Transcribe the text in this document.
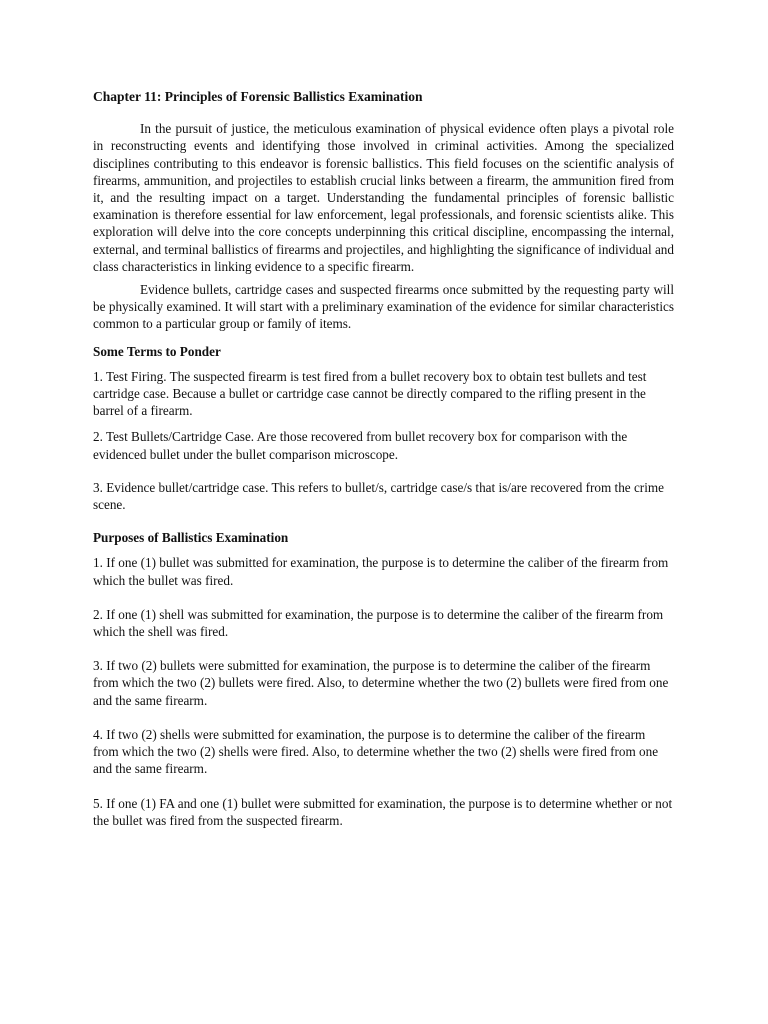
Chapter 11: Principles of Forensic Ballistics Examination

In the pursuit of justice, the meticulous examination of physical evidence often plays a pivotal role in reconstructing events and identifying those involved in criminal activities. Among the specialized disciplines contributing to this endeavor is forensic ballistics. This field focuses on the scientific analysis of firearms, ammunition, and projectiles to establish crucial links between a firearm, the ammunition fired from it, and the resulting impact on a target. Understanding the fundamental principles of forensic ballistic examination is therefore essential for law enforcement, legal professionals, and forensic scientists alike. This exploration will delve into the core concepts underpinning this critical discipline, encompassing the internal, external, and terminal ballistics of firearms and projectiles, and highlighting the significance of individual and class characteristics in linking evidence to a specific firearm.

Evidence bullets, cartridge cases and suspected firearms once submitted by the requesting party will be physically examined. It will start with a preliminary examination of the evidence for similar characteristics common to a particular group or family of items.

Some Terms to Ponder

1. Test Firing. The suspected firearm is test fired from a bullet recovery box to obtain test bullets and test cartridge case. Because a bullet or cartridge case cannot be directly compared to the rifling present in the barrel of a firearm.

2. Test Bullets/Cartridge Case. Are those recovered from bullet recovery box for comparison with the evidenced bullet under the bullet comparison microscope.

3. Evidence bullet/cartridge case. This refers to bullet/s, cartridge case/s that is/are recovered from the crime scene.

Purposes of Ballistics Examination

1. If one (1) bullet was submitted for examination, the purpose is to determine the caliber of the firearm from which the bullet was fired.

2. If one (1) shell was submitted for examination, the purpose is to determine the caliber of the firearm from which the shell was fired.

3. If two (2) bullets were submitted for examination, the purpose is to determine the caliber of the firearm from which the two (2) bullets were fired. Also, to determine whether the two (2) bullets were fired from one and the same firearm.

4. If two (2) shells were submitted for examination, the purpose is to determine the caliber of the firearm from which the two (2) shells were fired. Also, to determine whether the two (2) shells were fired from one and the same firearm.

5. If one (1) FA and one (1) bullet were submitted for examination, the purpose is to determine whether or not the bullet was fired from the suspected firearm.
